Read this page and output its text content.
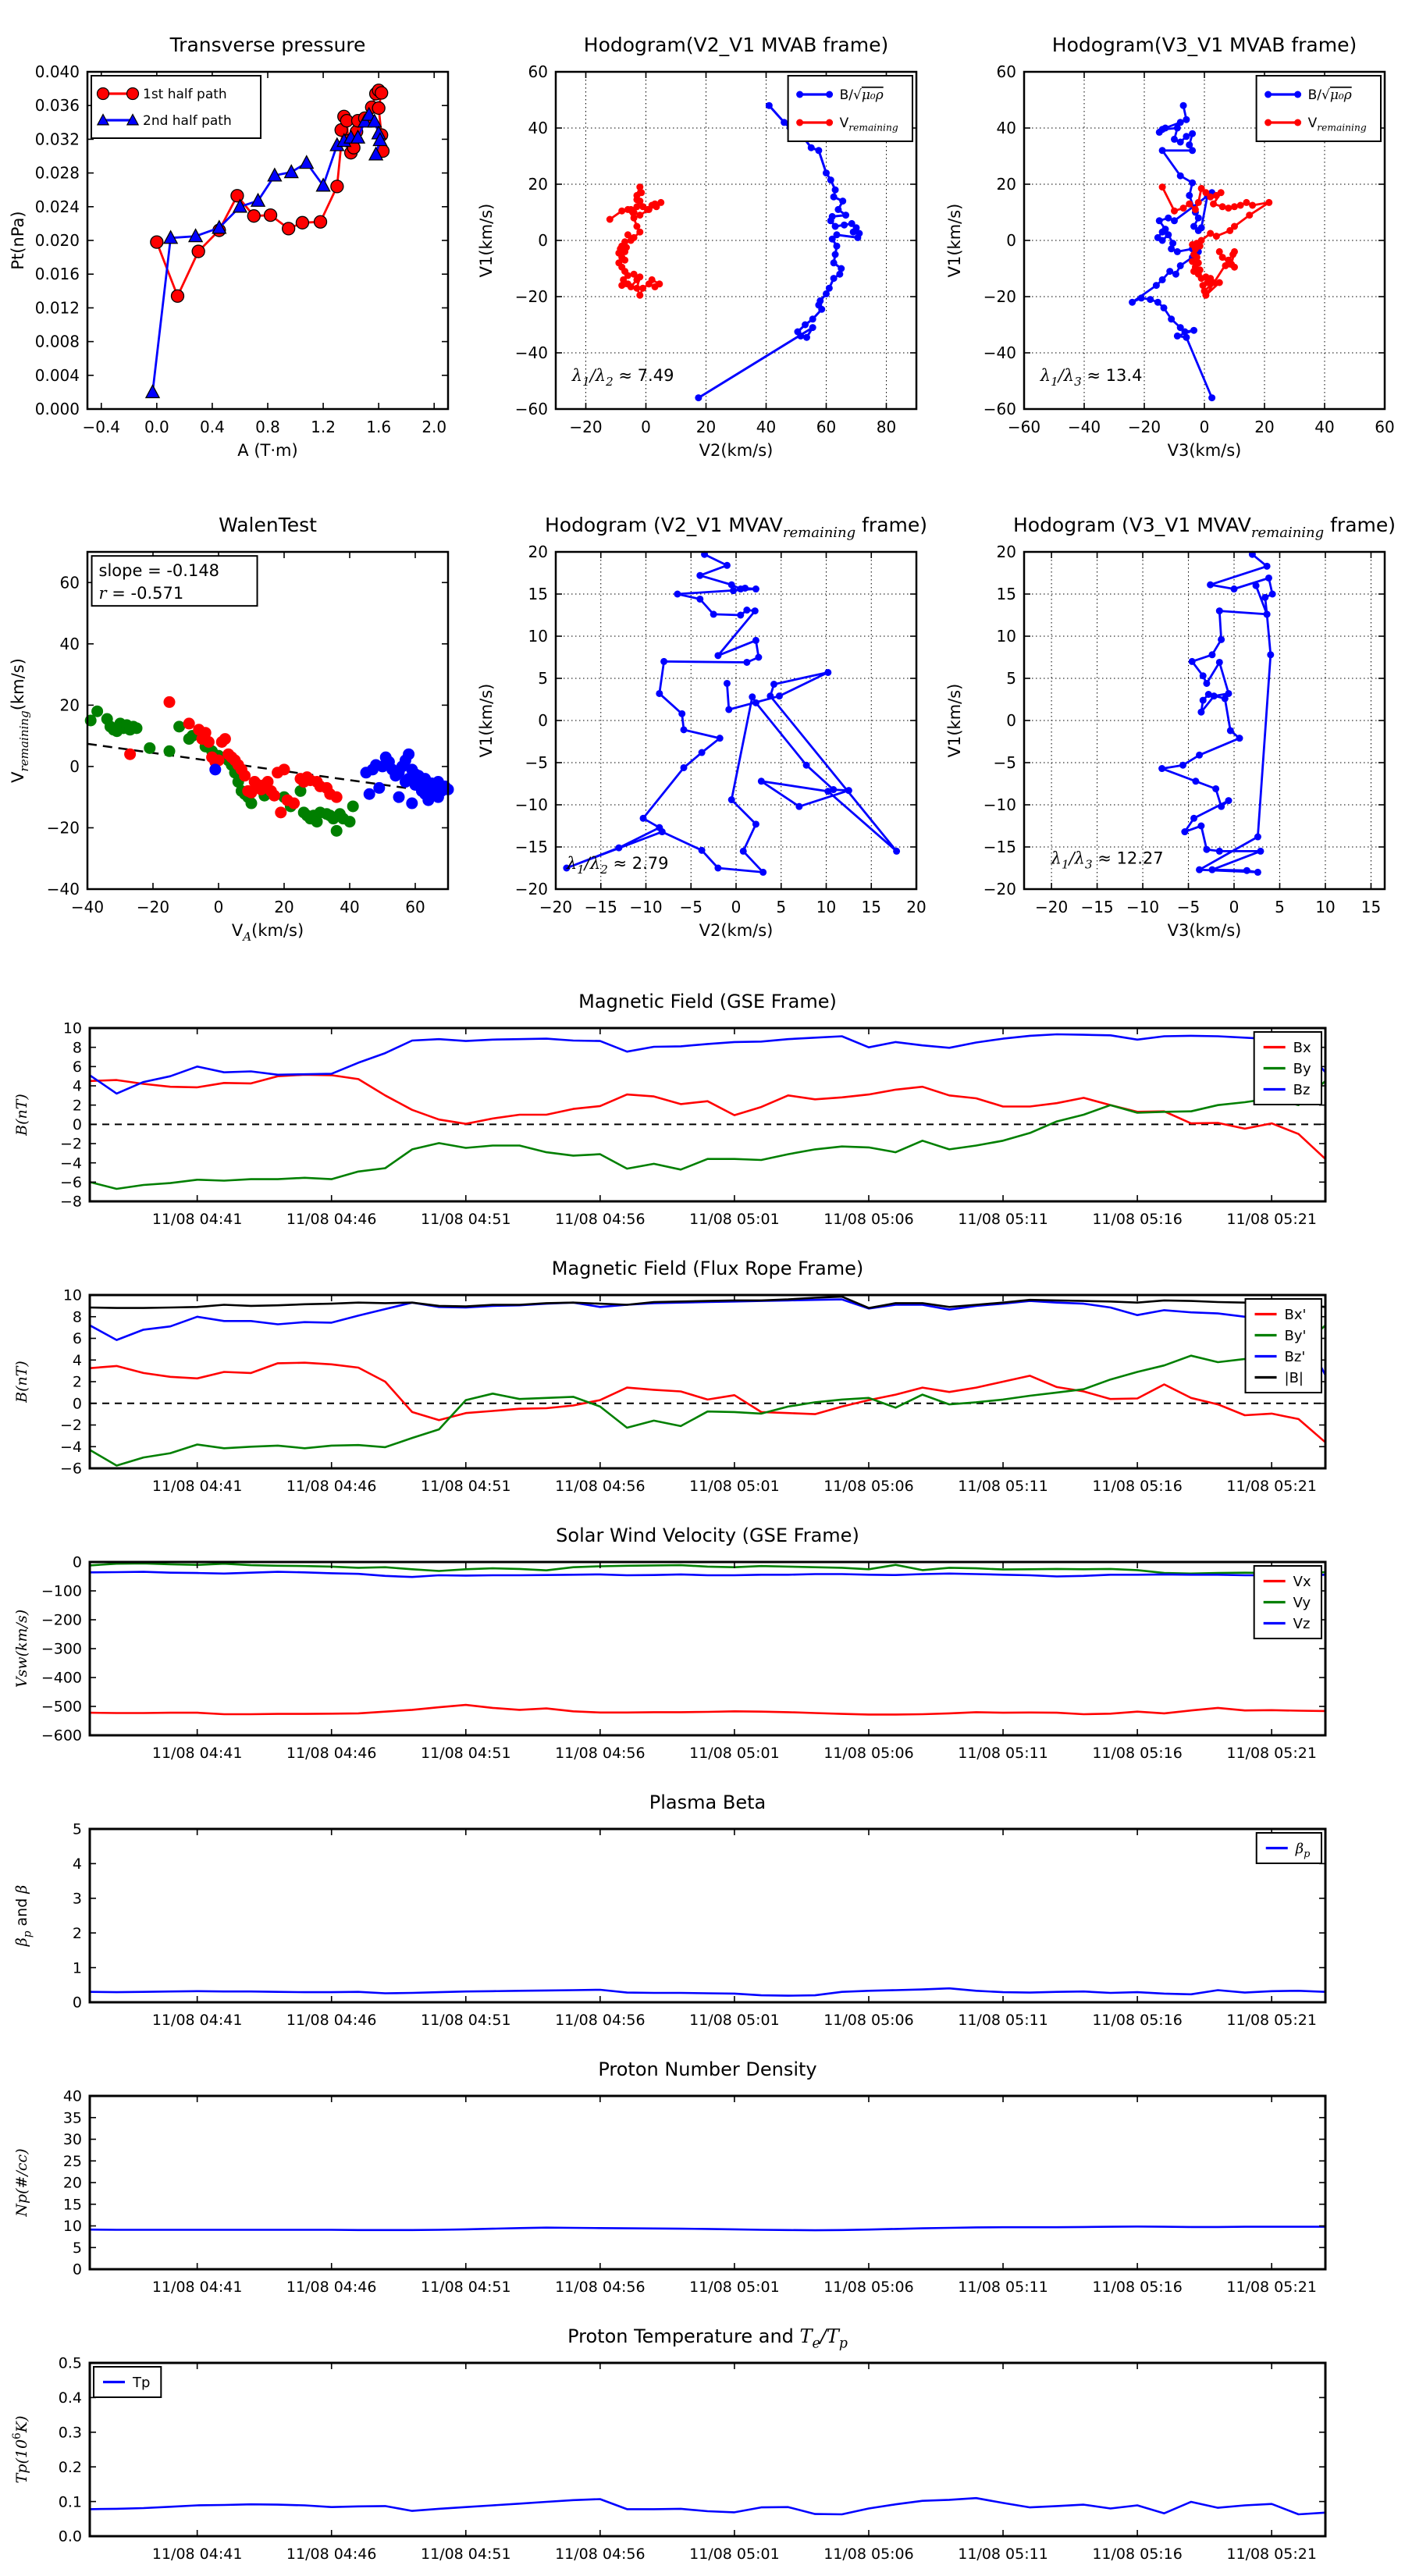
−0.4 0.0 0.4 0.8 1.2 1.6 2.0
0.000
0.004
0.008
0.012
0.016
0.020
0.024
0.028
0.032
0.036
0.040
Transverse pressure
A (T·m)
Pt(nPa)
1st half path
2nd half path
−20 0	20	40	60	80
−60
−40
−20
0
20
40
60
Hodogram(V2_V1 MVAB frame)
V2(km/s)
V1(km/s)
$\lambda_1/\lambda_2 \approx 7.49$
B/√μ₀ρ
$V_{remaining}$
−60 −40 −20 0	20	40	60
−60
−40
−20
0
20
40
60
Hodogram(V3_V1 MVAB frame)
V3(km/s)
V1(km/s)
$\lambda_1/\lambda_3 \approx 13.4$
B/√μ₀ρ
$V_{remaining}$
−40 −20	0	20	40	60
−40
−20
0
20
40
60
WalenTest
$V_A(km/s)$
$V_{remaining}(km/s)$
slope = -0.148
r = -0.571
−20 −15 −10 −5 0 5 10 15 20
−20
−15
−10
−5
0
5
10
15
20
Hodogram (V2_V1 $MVAV_{remaining}$ frame)
V2(km/s)
V1(km/s)
$\lambda_1/\lambda_2 \approx 2.79$
−20 −15 −10 −5 0 5 10 15
−20
−15
−10
−5
0
5
10
15
20
Hodogram (V3_V1 $MVAV_{remaining}$ frame)
V3(km/s)
V1(km/s)
$\lambda_1/\lambda_3 \approx 12.27$
11/08 04:41	11/08 04:46	11/08 04:51	11/08 04:56	11/08 05:01	11/08 05:06	11/08 05:11	11/08 05:16	11/08 05:21
−8
−6
−4
−2
0
2
4
6
8
10
Magnetic Field (GSE Frame)
B(nT)
Bx
By
Bz
11/08 04:41	11/08 04:46	11/08 04:51	11/08 04:56	11/08 05:01	11/08 05:06	11/08 05:11	11/08 05:16	11/08 05:21
−6
−4
−2
0
2
4
6
8
10
Magnetic Field (Flux Rope Frame)
B(nT)
Bx'
By'
Bz'
|B|
11/08 04:41	11/08 04:46	11/08 04:51	11/08 04:56	11/08 05:01	11/08 05:06	11/08 05:11	11/08 05:16	11/08 05:21
−600
−500
−400
−300
−200
−100
0
Solar Wind Velocity (GSE Frame)
Vsw(km/s)
Vx
Vy
Vz
11/08 04:41	11/08 04:46	11/08 04:51	11/08 04:56	11/08 05:01	11/08 05:06	11/08 05:11	11/08 05:16	11/08 05:21
0
1
2
3
4
5
Plasma Beta
$\beta_p$ and β
$\beta_p$
11/08 04:41	11/08 04:46	11/08 04:51	11/08 04:56	11/08 05:01	11/08 05:06	11/08 05:11	11/08 05:16	11/08 05:21
0
5
10
15
20
25
30
35
40
Proton Number Density
Np(#/cc)
11/08 04:41	11/08 04:46	11/08 04:51	11/08 04:56	11/08 05:01	11/08 05:06	11/08 05:11	11/08 05:16	11/08 05:21
0.0
0.1
0.2
0.3
0.4
0.5
Proton Temperature and $T_e/T_p$
$Tp(10^6K)$
Tp
